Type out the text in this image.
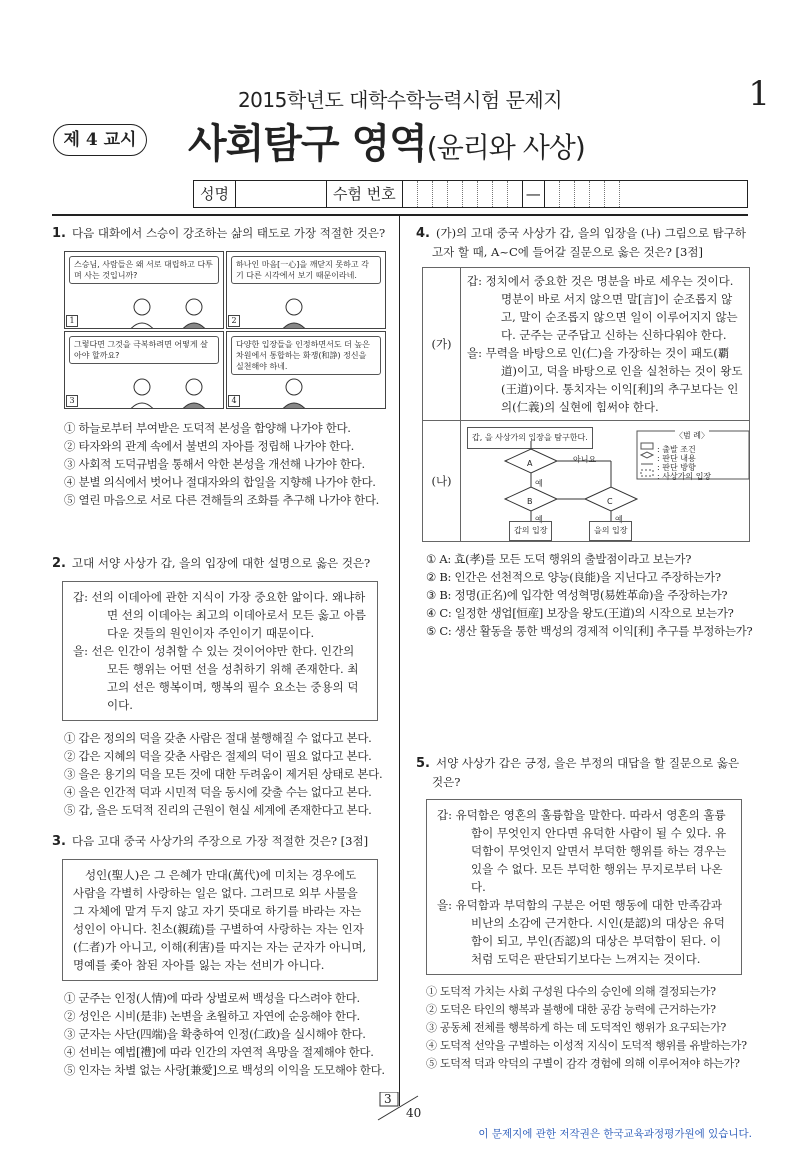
2015학년도 대학수학능력시험 문제지	1
제 4 교시 사회탐구 영역(윤리와 사상)
성명	수험 번호	—

1. 다음 대화에서 스승이 강조하는 삶의 태도로 가장 적절한 것은?

스승님, 사람들은 왜 서로 대립하고 다투며 사는 것입니까?
1
하나인 마음[一心]을 깨닫지 못하고 각기 다른 시각에서 보기 때문이라네.
2
그렇다면 그것을 극복하려면 어떻게 살아야 할까요?
3
다양한 입장들을 인정하면서도 더 높은 차원에서 통합하는 화쟁(和諍) 정신을 실천해야 하네.
4
① 하늘로부터 부여받은 도덕적 본성을 함양해 나가야 한다.
② 타자와의 관계 속에서 불변의 자아를 정립해 나가야 한다.
③ 사회적 도덕규범을 통해서 악한 본성을 개선해 나가야 한다.
④ 분별 의식에서 벗어나 절대자와의 합일을 지향해 나가야 한다.
⑤ 열린 마음으로 서로 다른 견해들의 조화를 추구해 나가야 한다.

2. 고대 서양 사상가 갑, 을의 입장에 대한 설명으로 옳은 것은?

갑: 선의 이데아에 관한 지식이 가장 중요한 앎이다. 왜냐하면 선의 이데아는 최고의 이데아로서 모든 옳고 아름다운 것들의 원인이자 주인이기 때문이다.

을: 선은 인간이 성취할 수 있는 것이어야만 한다. 인간의 모든 행위는 어떤 선을 성취하기 위해 존재한다. 최고의 선은 행복이며, 행복의 필수 요소는 중용의 덕이다.

① 갑은 정의의 덕을 갖춘 사람은 절대 불행해질 수 없다고 본다.
② 갑은 지혜의 덕을 갖춘 사람은 절제의 덕이 필요 없다고 본다.
③ 을은 용기의 덕을 모든 것에 대한 두려움이 제거된 상태로 본다.
④ 을은 인간적 덕과 시민적 덕을 동시에 갖출 수는 없다고 본다.
⑤ 갑, 을은 도덕적 진리의 근원이 현실 세계에 존재한다고 본다.

3. 다음 고대 중국 사상가의 주장으로 가장 적절한 것은? [3점]

성인(聖人)은 그 은혜가 만대(萬代)에 미치는 경우에도 사람을 각별히 사랑하는 일은 없다. 그러므로 외부 사물을 그 자체에 맡겨 두지 않고 자기 뜻대로 하기를 바라는 자는 성인이 아니다. 친소(親疏)를 구별하여 사랑하는 자는 인자(仁者)가 아니고, 이해(利害)를 따지는 자는 군자가 아니며, 명예를 좇아 참된 자아를 잃는 자는 선비가 아니다.
① 군주는 인정(人情)에 따라 상벌로써 백성을 다스려야 한다.
② 성인은 시비(是非) 논변을 초월하고 자연에 순응해야 한다.
③ 군자는 사단(四端)을 확충하여 인정(仁政)을 실시해야 한다.
④ 선비는 예법[禮]에 따라 인간의 자연적 욕망을 절제해야 한다.
⑤ 인자는 차별 없는 사랑[兼愛]으로 백성의 이익을 도모해야 한다.

4. (가)의 고대 중국 사상가 갑, 을의 입장을 (나) 그림으로 탐구하고자 할 때, A~C에 들어갈 질문으로 옳은 것은? [3점]

(가)

갑: 정치에서 중요한 것은 명분을 바로 세우는 것이다. 명분이 바로 서지 않으면 말[言]이 순조롭지 않고, 말이 순조롭지 않으면 일이 이루어지지 않는다. 군주는 군주답고 신하는 신하다워야 한다.

을: 무력을 바탕으로 인(仁)을 가장하는 것이 패도(覇道)이고, 덕을 바탕으로 인을 실천하는 것이 왕도(王道)이다. 통치자는 이익[利]의 추구보다는 인의(仁義)의 실현에 힘써야 한다.

(나)
갑, 을 사상가의 입장을 탐구한다.
A
B	C
아니요
예
예	예
갑의 입장	을의 입장
〈범 례〉
: 출발 조건
: 판단 내용
: 판단 방향
: 사상가의 입장
① A: 효(孝)를 모든 도덕 행위의 출발점이라고 보는가?
② B: 인간은 선천적으로 양능(良能)을 지닌다고 주장하는가?
③ B: 정명(正名)에 입각한 역성혁명(易姓革命)을 주장하는가?
④ C: 일정한 생업[恒産] 보장을 왕도(王道)의 시작으로 보는가?
⑤ C: 생산 활동을 통한 백성의 경제적 이익[利] 추구를 부정하는가?

5. 서양 사상가 갑은 긍정, 을은 부정의 대답을 할 질문으로 옳은 것은?

갑: 유덕함은 영혼의 훌륭함을 말한다. 따라서 영혼의 훌륭함이 무엇인지 안다면 유덕한 사람이 될 수 있다. 유덕함이 무엇인지 알면서 부덕한 행위를 하는 경우는 있을 수 없다. 모든 부덕한 행위는 무지로부터 나온다.

을: 유덕함과 부덕함의 구분은 어떤 행동에 대한 만족감과 비난의 소감에 근거한다. 시인(是認)의 대상은 유덕함이 되고, 부인(否認)의 대상은 부덕함이 된다. 이처럼 도덕은 판단되기보다는 느껴지는 것이다.

① 도덕적 가치는 사회 구성원 다수의 승인에 의해 결정되는가?
② 도덕은 타인의 행복과 불행에 대한 공감 능력에 근거하는가?
③ 공동체 전체를 행복하게 하는 데 도덕적인 행위가 요구되는가?
④ 도덕적 선악을 구별하는 이성적 지식이 도덕적 행위를 유발하는가?
⑤ 도덕적 덕과 악덕의 구별이 감각 경험에 의해 이루어져야 하는가?
3
40
이 문제지에 관한 저작권은 한국교육과정평가원에 있습니다.
